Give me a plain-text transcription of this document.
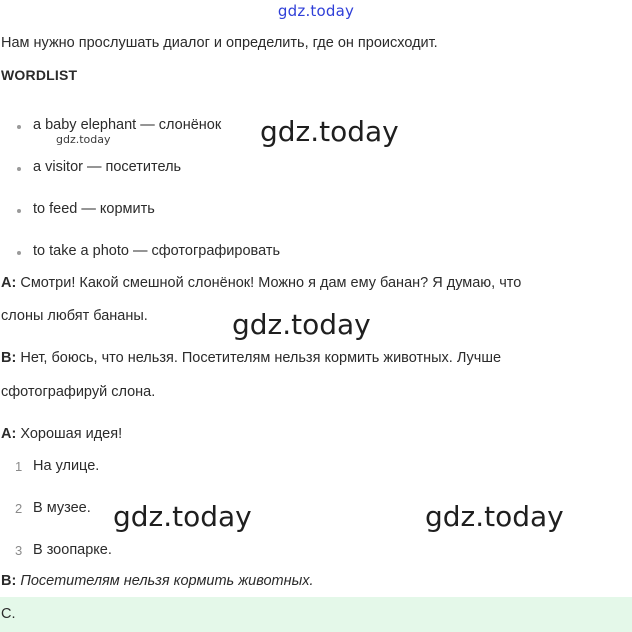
gdz.today
Нам нужно прослушать диалог и определить, где он происходит.
WORDLIST
a baby elephant — слонёнок
a visitor — посетитель
to feed — кормить
to take a photo — сфотографировать
A: Смотри! Какой смешной слонёнок! Можно я дам ему банан? Я думаю, что
слоны любят бананы.
B: Нет, боюсь, что нельзя. Посетителям нельзя кормить животных. Лучше
сфотографируй слона.
A: Хорошая идея!
1 На улице.
2 В музее.
3 В зоопарке.
B: Посетителям нельзя кормить животных.
С.
gdz.today
gdz.today
gdz.today
gdz.today	gdz.today
